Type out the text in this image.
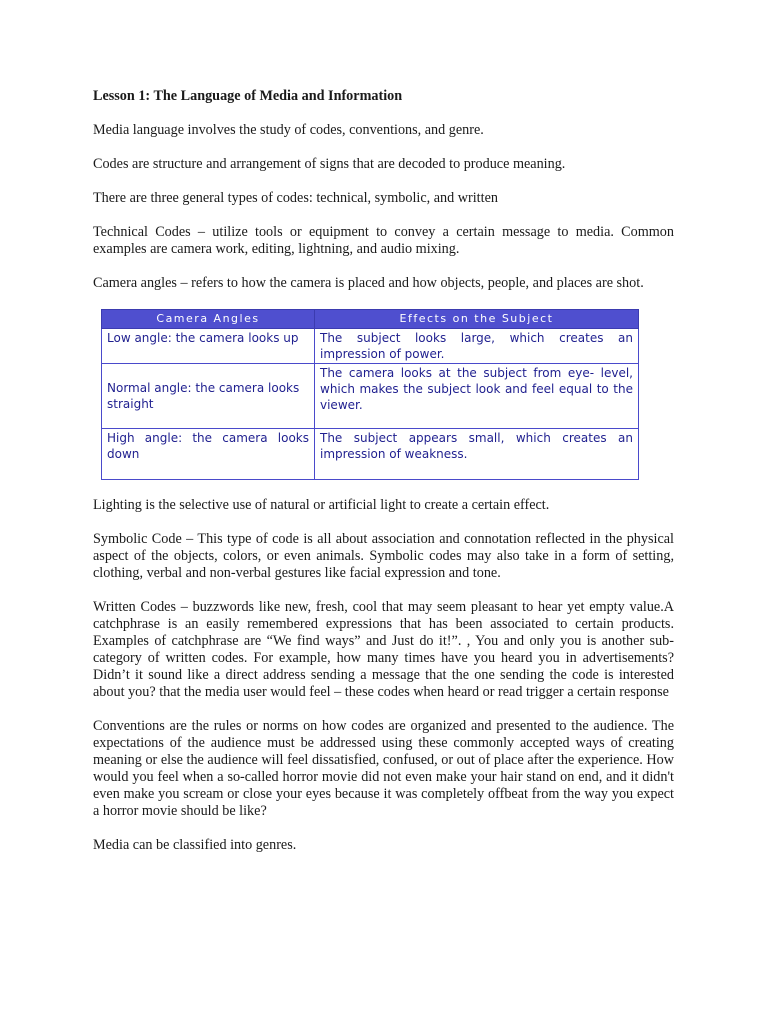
Lesson 1: The Language of Media and Information

Media language involves the study of codes, conventions, and genre.

Codes are structure and arrangement of signs that are decoded to produce meaning.

There are three general types of codes: technical, symbolic, and written

Technical Codes – utilize tools or equipment to convey a certain message to media. Common examples are camera work, editing, lightning, and audio mixing.

Camera angles – refers to how the camera is placed and how objects, people, and places are shot.

Camera Angles	Effects on the Subject
Low angle: the camera looks up	The subject looks large, which creates an impression of power.
Normal angle: the camera looks straight	The camera looks at the subject from eye- level, which makes the subject look and feel equal to the viewer.
High angle: the camera looks down	The subject appears small, which creates an impression of weakness.

Lighting is the selective use of natural or artificial light to create a certain effect.

Symbolic Code – This type of code is all about association and connotation reflected in the physical aspect of the objects, colors, or even animals. Symbolic codes may also take in a form of setting, clothing, verbal and non-verbal gestures like facial expression and tone.

Written Codes – buzzwords like new, fresh, cool that may seem pleasant to hear yet empty value.A catchphrase is an easily remembered expressions that has been associated to certain products. Examples of catchphrase are “We find ways” and Just do it!”. , You and only you is another sub-category of written codes. For example, how many times have you heard you in advertisements? Didn’t it sound like a direct address sending a message that the one sending the code is interested about you? that the media user would feel – these codes when heard or read trigger a certain response

Conventions are the rules or norms on how codes are organized and presented to the audience. The expectations of the audience must be addressed using these commonly accepted ways of creating meaning or else the audience will feel dissatisfied, confused, or out of place after the experience. How would you feel when a so-called horror movie did not even make your hair stand on end, and it didn't even make you scream or close your eyes because it was completely offbeat from the way you expect a horror movie should be like?

Media can be classified into genres.
